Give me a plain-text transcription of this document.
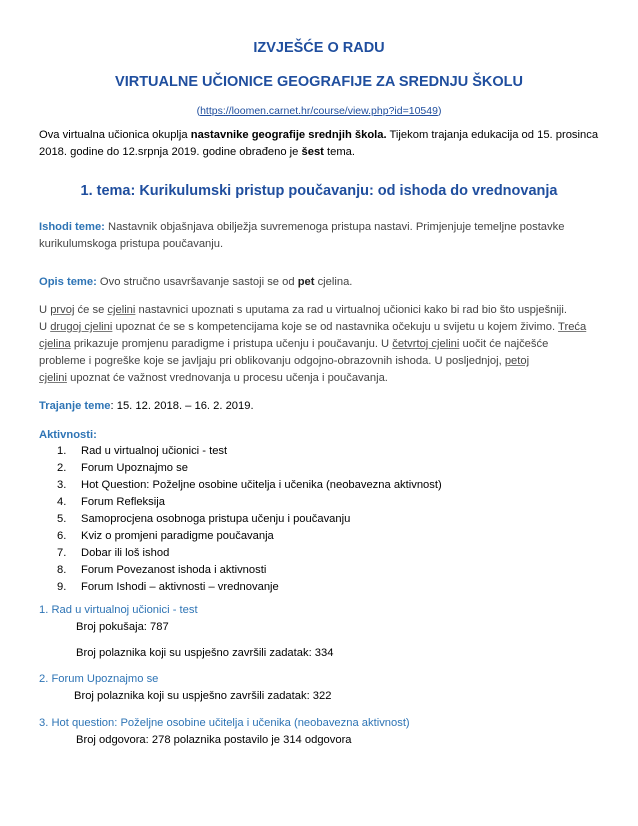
IZVJEŠĆE O RADU
VIRTUALNE UČIONICE GEOGRAFIJE ZA SREDNJU ŠKOLU
(https://loomen.carnet.hr/course/view.php?id=10549)
Ova virtualna učionica okuplja nastavnike geografije srednjih škola. Tijekom trajanja edukacija od 15. prosinca
2018. godine do 12.srpnja 2019. godine obrađeno je šest tema.
1. tema: Kurikulumski pristup poučavanju: od ishoda do vrednovanja
Ishodi teme: Nastavnik objašnjava obilježja suvremenoga pristupa nastavi. Primjenjuje temeljne postavke
kurikulumskoga pristupa poučavanju.
Opis teme: Ovo stručno usavršavanje sastoji se od pet cjelina.
U prvoj će se cjelini nastavnici upoznati s uputama za rad u virtualnoj učionici kako bi rad bio što uspješniji.
U drugoj cjelini upoznat će se s kompetencijama koje se od nastavnika očekuju u svijetu u kojem živimo. Treća
cjelina prikazuje promjenu paradigme i pristupa učenju i poučavanju. U četvrtoj cjelini uočit će najčešće
probleme i pogreške koje se javljaju pri oblikovanju odgojno-obrazovnih ishoda. U posljednjoj, petoj
cjelini upoznat će važnost vrednovanja u procesu učenja i poučavanja.
Trajanje teme: 15. 12. 2018. – 16. 2. 2019.
Aktivnosti:
1. Rad u virtualnoj učionici - test
2. Forum Upoznajmo se
3. Hot Question: Poželjne osobine učitelja i učenika (neobavezna aktivnost)
4. Forum Refleksija
5. Samoprocjena osobnoga pristupa učenju i poučavanju
6. Kviz o promjeni paradigme poučavanja
7. Dobar ili loš ishod
8. Forum Povezanost ishoda i aktivnosti
9. Forum Ishodi – aktivnosti – vrednovanje
1. Rad u virtualnoj učionici - test
Broj pokušaja: 787
Broj polaznika koji su uspješno završili zadatak: 334
2. Forum Upoznajmo se
Broj polaznika koji su uspješno završili zadatak: 322
3. Hot question: Poželjne osobine učitelja i učenika (neobavezna aktivnost)
Broj odgovora: 278 polaznika postavilo je 314 odgovora
